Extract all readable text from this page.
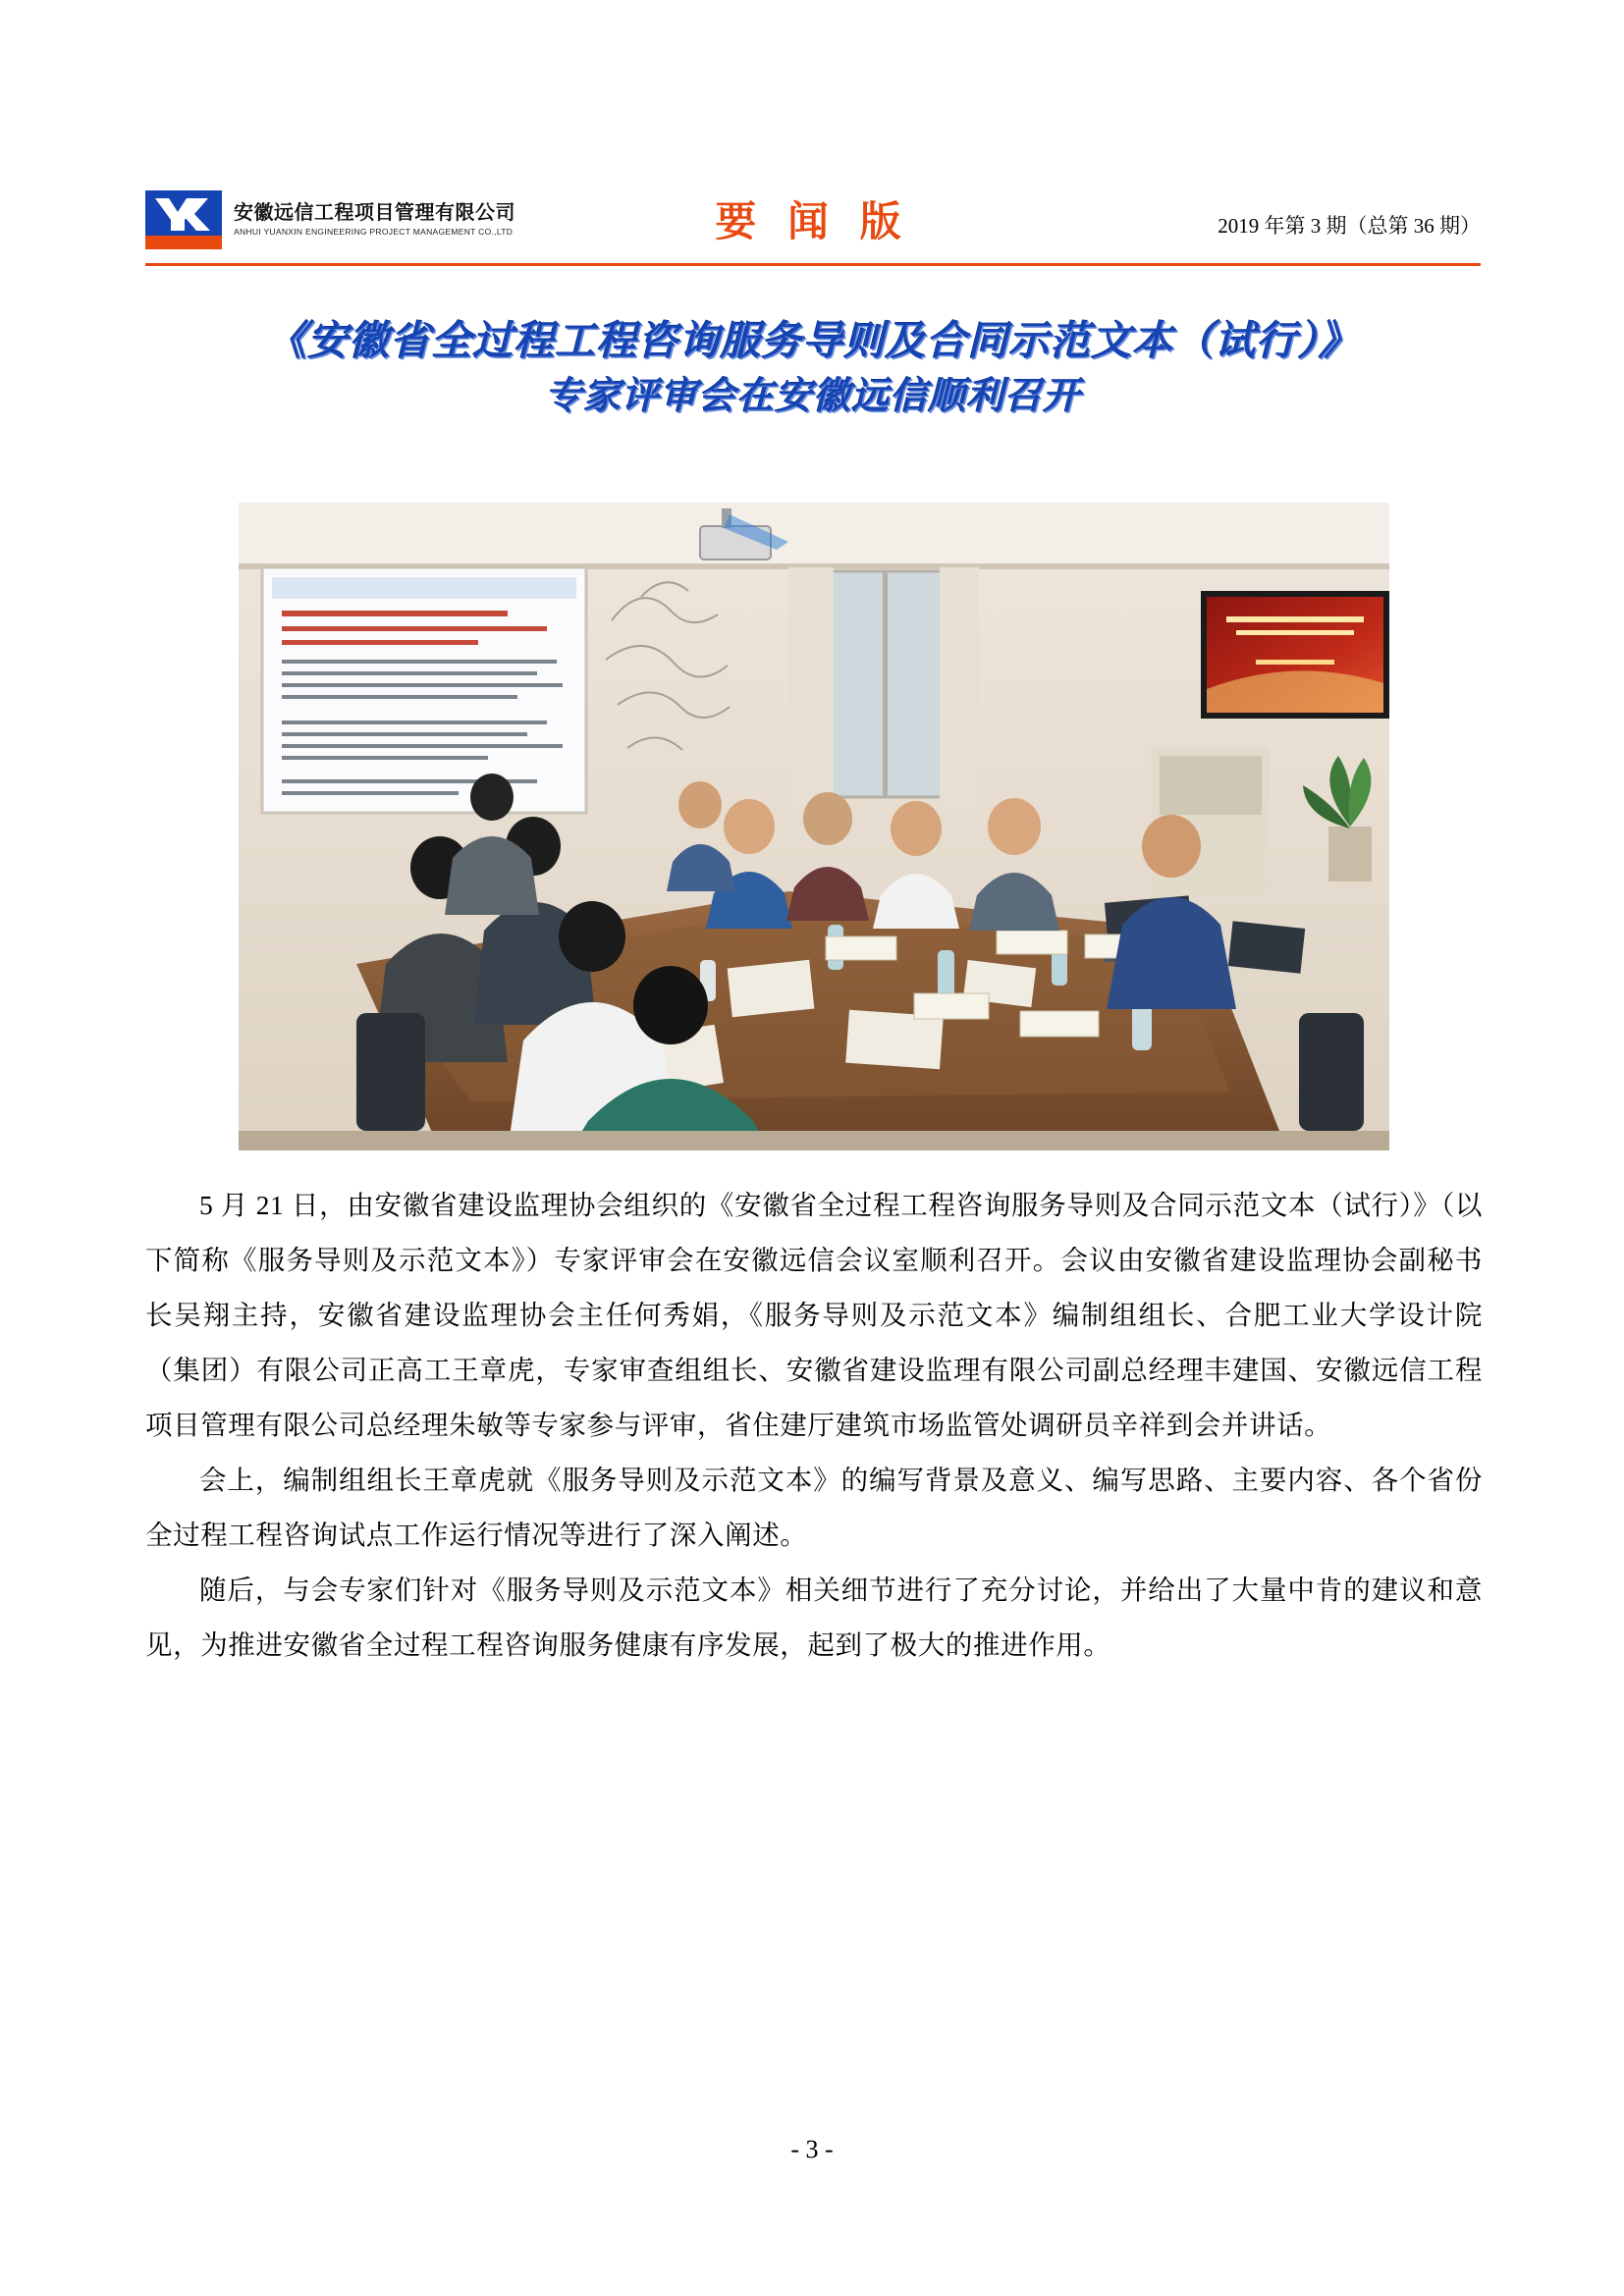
安徽远信工程项目管理有限公司
ANHUI YUANXIN ENGINEERING PROJECT MANAGEMENT CO.,LTD	要 闻 版	2019 年第 3 期（总第 36 期）
《安徽省全过程工程咨询服务导则及合同示范文本（试行）》
专家评审会在安徽远信顺利召开

5 月 21 日，由安徽省建设监理协会组织的《安徽省全过程工程咨询服务导则及合同示范文本（试行）》（以下简称《服务导则及示范文本》）专家评审会在安徽远信会议室顺利召开。会议由安徽省建设监理协会副秘书长吴翔主持，安徽省建设监理协会主任何秀娟，《服务导则及示范文本》编制组组长、合肥工业大学设计院（集团）有限公司正高工王章虎，专家审查组组长、安徽省建设监理有限公司副总经理丰建国、安徽远信工程项目管理有限公司总经理朱敏等专家参与评审，省住建厅建筑市场监管处调研员辛祥到会并讲话。

会上，编制组组长王章虎就《服务导则及示范文本》的编写背景及意义、编写思路、主要内容、各个省份全过程工程咨询试点工作运行情况等进行了深入阐述。

随后，与会专家们针对《服务导则及示范文本》相关细节进行了充分讨论，并给出了大量中肯的建议和意见，为推进安徽省全过程工程咨询服务健康有序发展，起到了极大的推进作用。

- 3 -
